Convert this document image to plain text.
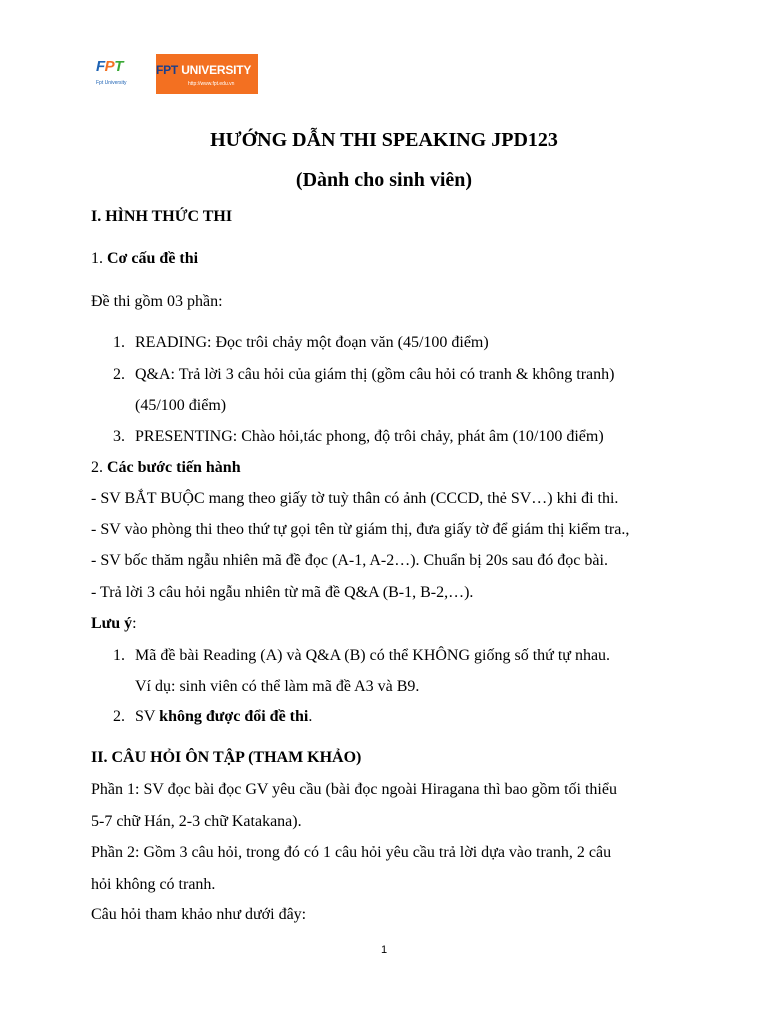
FPT
Fpt University
FPT UNIVERSITY
http://www.fpt.edu.vn
HƯỚNG DẪN THI SPEAKING JPD123
(Dành cho sinh viên)
I. HÌNH THỨC THI
1. Cơ cấu đề thi
Đề thi gồm 03 phần:
1. READING: Đọc trôi chảy một đoạn văn (45/100 điểm)
2. Q&A: Trả lời 3 câu hỏi của giám thị (gồm câu hỏi có tranh & không tranh)
(45/100 điểm)
3. PRESENTING: Chào hỏi,tác phong, độ trôi chảy, phát âm (10/100 điểm)
2. Các bước tiến hành
- SV BẮT BUỘC mang theo giấy tờ tuỳ thân có ảnh (CCCD, thẻ SV…) khi đi thi.
- SV vào phòng thi theo thứ tự gọi tên từ giám thị, đưa giấy tờ để giám thị kiểm tra.,
- SV bốc thăm ngẫu nhiên mã đề đọc (A-1, A-2…). Chuẩn bị 20s sau đó đọc bài.
- Trả lời 3 câu hỏi ngẫu nhiên từ mã đề Q&A (B-1, B-2,…).
Lưu ý:
1. Mã đề bài Reading (A) và Q&A (B) có thể KHÔNG giống số thứ tự nhau.
Ví dụ: sinh viên có thể làm mã đề A3 và B9.
2. SV không được đổi đề thi.
II. CÂU HỎI ÔN TẬP (THAM KHẢO)
Phần 1: SV đọc bài đọc GV yêu cầu (bài đọc ngoài Hiragana thì bao gồm tối thiểu
5-7 chữ Hán, 2-3 chữ Katakana).
Phần 2: Gồm 3 câu hỏi, trong đó có 1 câu hỏi yêu cầu trả lời dựa vào tranh, 2 câu
hỏi không có tranh.
Câu hỏi tham khảo như dưới đây:
1
